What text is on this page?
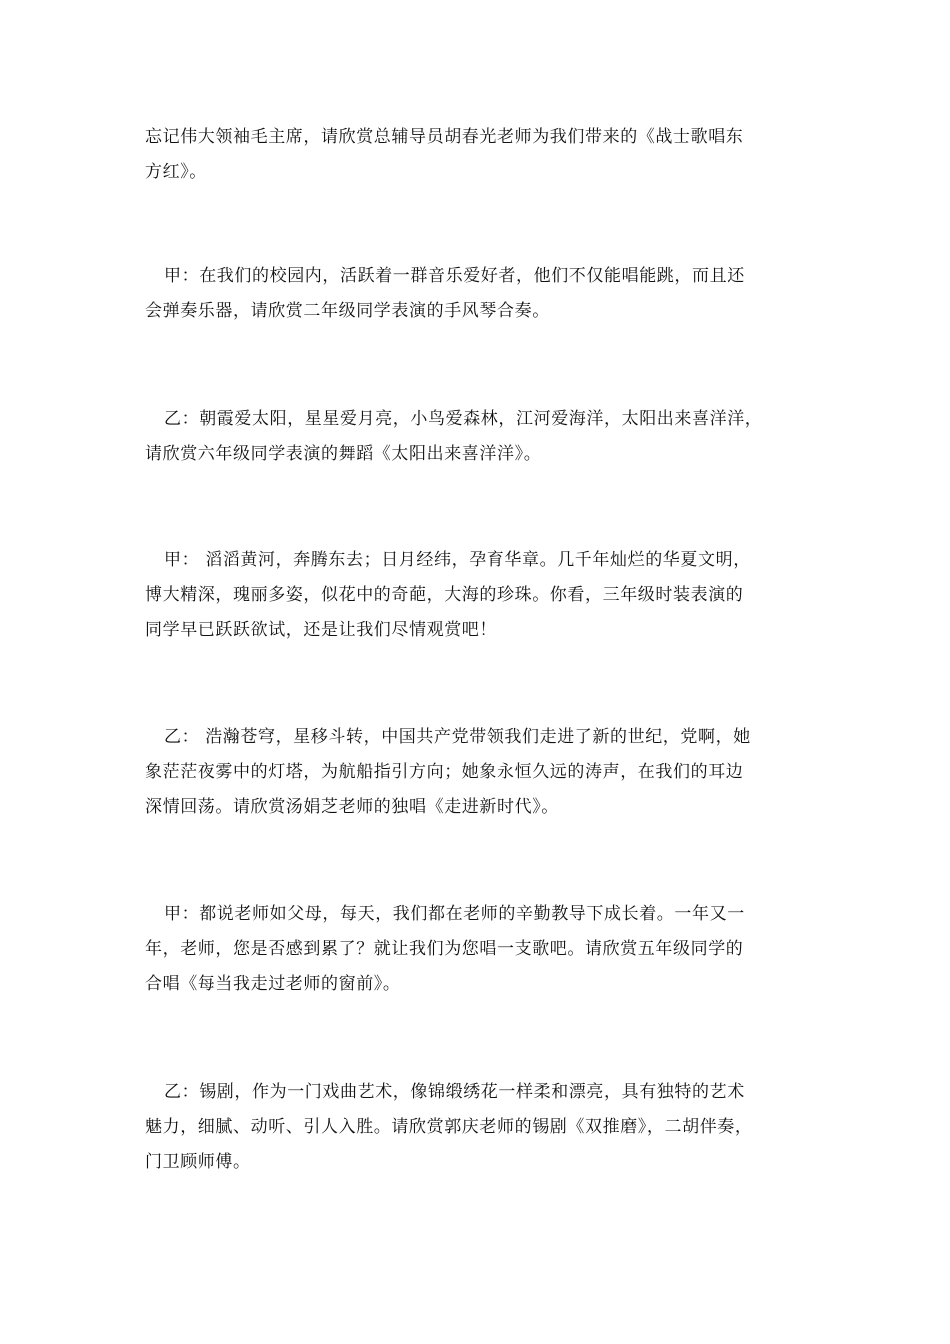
忘记伟大领袖毛主席，请欣赏总辅导员胡春光老师为我们带来的《战士歌唱东
方红》。

甲：在我们的校园内，活跃着一群音乐爱好者，他们不仅能唱能跳，而且还
会弹奏乐器，请欣赏二年级同学表演的手风琴合奏。

乙：朝霞爱太阳，星星爱月亮，小鸟爱森林，江河爱海洋，太阳出来喜洋洋，
请欣赏六年级同学表演的舞蹈《太阳出来喜洋洋》。

甲： 滔滔黄河，奔腾东去；日月经纬，孕育华章。几千年灿烂的华夏文明，
博大精深，瑰丽多姿，似花中的奇葩，大海的珍珠。你看，三年级时装表演的
同学早已跃跃欲试，还是让我们尽情观赏吧！

乙： 浩瀚苍穹，星移斗转，中国共产党带领我们走进了新的世纪，党啊，她
象茫茫夜雾中的灯塔，为航船指引方向；她象永恒久远的涛声，在我们的耳边
深情回荡。请欣赏汤娟芝老师的独唱《走进新时代》。

甲：都说老师如父母，每天，我们都在老师的辛勤教导下成长着。一年又一
年，老师，您是否感到累了？就让我们为您唱一支歌吧。请欣赏五年级同学的
合唱《每当我走过老师的窗前》。

乙：锡剧，作为一门戏曲艺术，像锦缎绣花一样柔和漂亮，具有独特的艺术
魅力，细腻、动听、引人入胜。请欣赏郭庆老师的锡剧《双推磨》，二胡伴奏，
门卫顾师傅。
